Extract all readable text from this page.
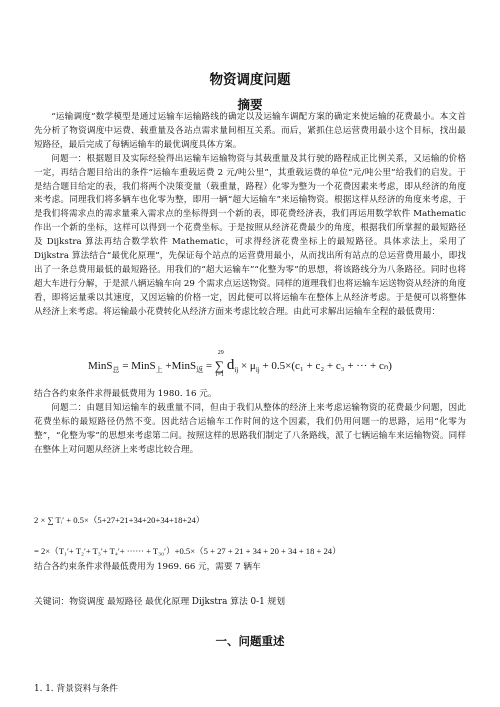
物资调度问题
摘要

“运输调度”数学模型是通过运输车运输路线的确定以及运输车调配方案的确定来使运输的花费最小。本文首先分析了物资调度中运费、载重量及各站点需求量间相互关系。而后，紧抓住总运营费用最小这个目标，找出最短路径，最后完成了每辆运输车的最优调度具体方案。

问题一：根据题目及实际经验得出运输车运输物资与其载重量及其行驶的路程成正比例关系，又运输的价格一定，再结合题目给出的条件“运输车重载运费 2 元/吨公里”，其重载运费的单位“元/吨公里”给我们的启发。于是结合题目给定的表，我们将两个决策变量（载重量，路程）化零为整为一个花费因素来考虑，即从经济的角度来考虑。同理我们将多辆车也化零为整，即用一辆“超大运输车”来运输物资。根据这样从经济的角度来考虑，于是我们将需求点的需求量乘入需求点的坐标得到一个新的表，即花费经济表，我们再运用数学软件 Mathematic 作出一个新的坐标，这样可以得到一个花费坐标。于是按照从经济花费最少的角度，根据我们所掌握的最短路径及 Dijkstra 算法再结合数学软件 Mathematic，可求得经济花费坐标上的最短路径。具体求法上，采用了 Dijkstra 算法结合“最优化原理”，先保证每个站点的运营费用最小，从而找出所有站点的总运营费用最小，即找出了一条总费用最低的最短路径。用我们的“超大运输车”“化整为零”的思想，将该路线分为八条路径。同时也将超大车进行分解，于是派八辆运输车向 29 个需求点运送物资。同样的道理我们也将运输车运送物资从经济的角度看，即将运量乘以其速度，又因运输的价格一定，因此便可以将运输车在整体上从经济考虑。于是便可以将整体从经济上来考虑。将运输最小花费转化从经济方面来考虑比较合理。由此可求解出运输车全程的最低费用：

MinS$_总$ = MinS$_上$ +MinS$_返$ = ∑
29
i=1
$d_{ij} \times \mu_{ij} + 0.5\times(c_1 + c_2 + c_3$ + ··· + cₙ)

结合各约束条件求得最低费用为 1980. 16 元。

问题二：由题目知运输车的载重量不同，但由于我们从整体的经济上来考虑运输物资的花费最少问题，因此花费坐标的最短路径仍然不变。因此结合运输车工作时间的这个因素，我们仍用问题一的思路，运用“化零为整”，“化整为零”的思想来考虑第二问。按照这样的思路我们制定了八条路线，派了七辆运输车来运输物资。同样在整体上对问题从经济上来考虑比较合理。

2 × ∑ Tᵢ′ + 0.5×（5+27+21+34+20+34+18+24）
= 2×（T₁′+ T₂′+ T₃′+ T₄′+ ······ + T₃₀′）+0.5×（5 + 27 + 21 + 34 + 20 + 34 + 18 + 24）
结合各约束条件求得最低费用为 1969. 66 元，需要 7 辆车
关键词：物资调度 最短路径 最优化原理 Dijkstra 算法 0-1 规划
一、问题重述
1. 1. 背景资料与条件
